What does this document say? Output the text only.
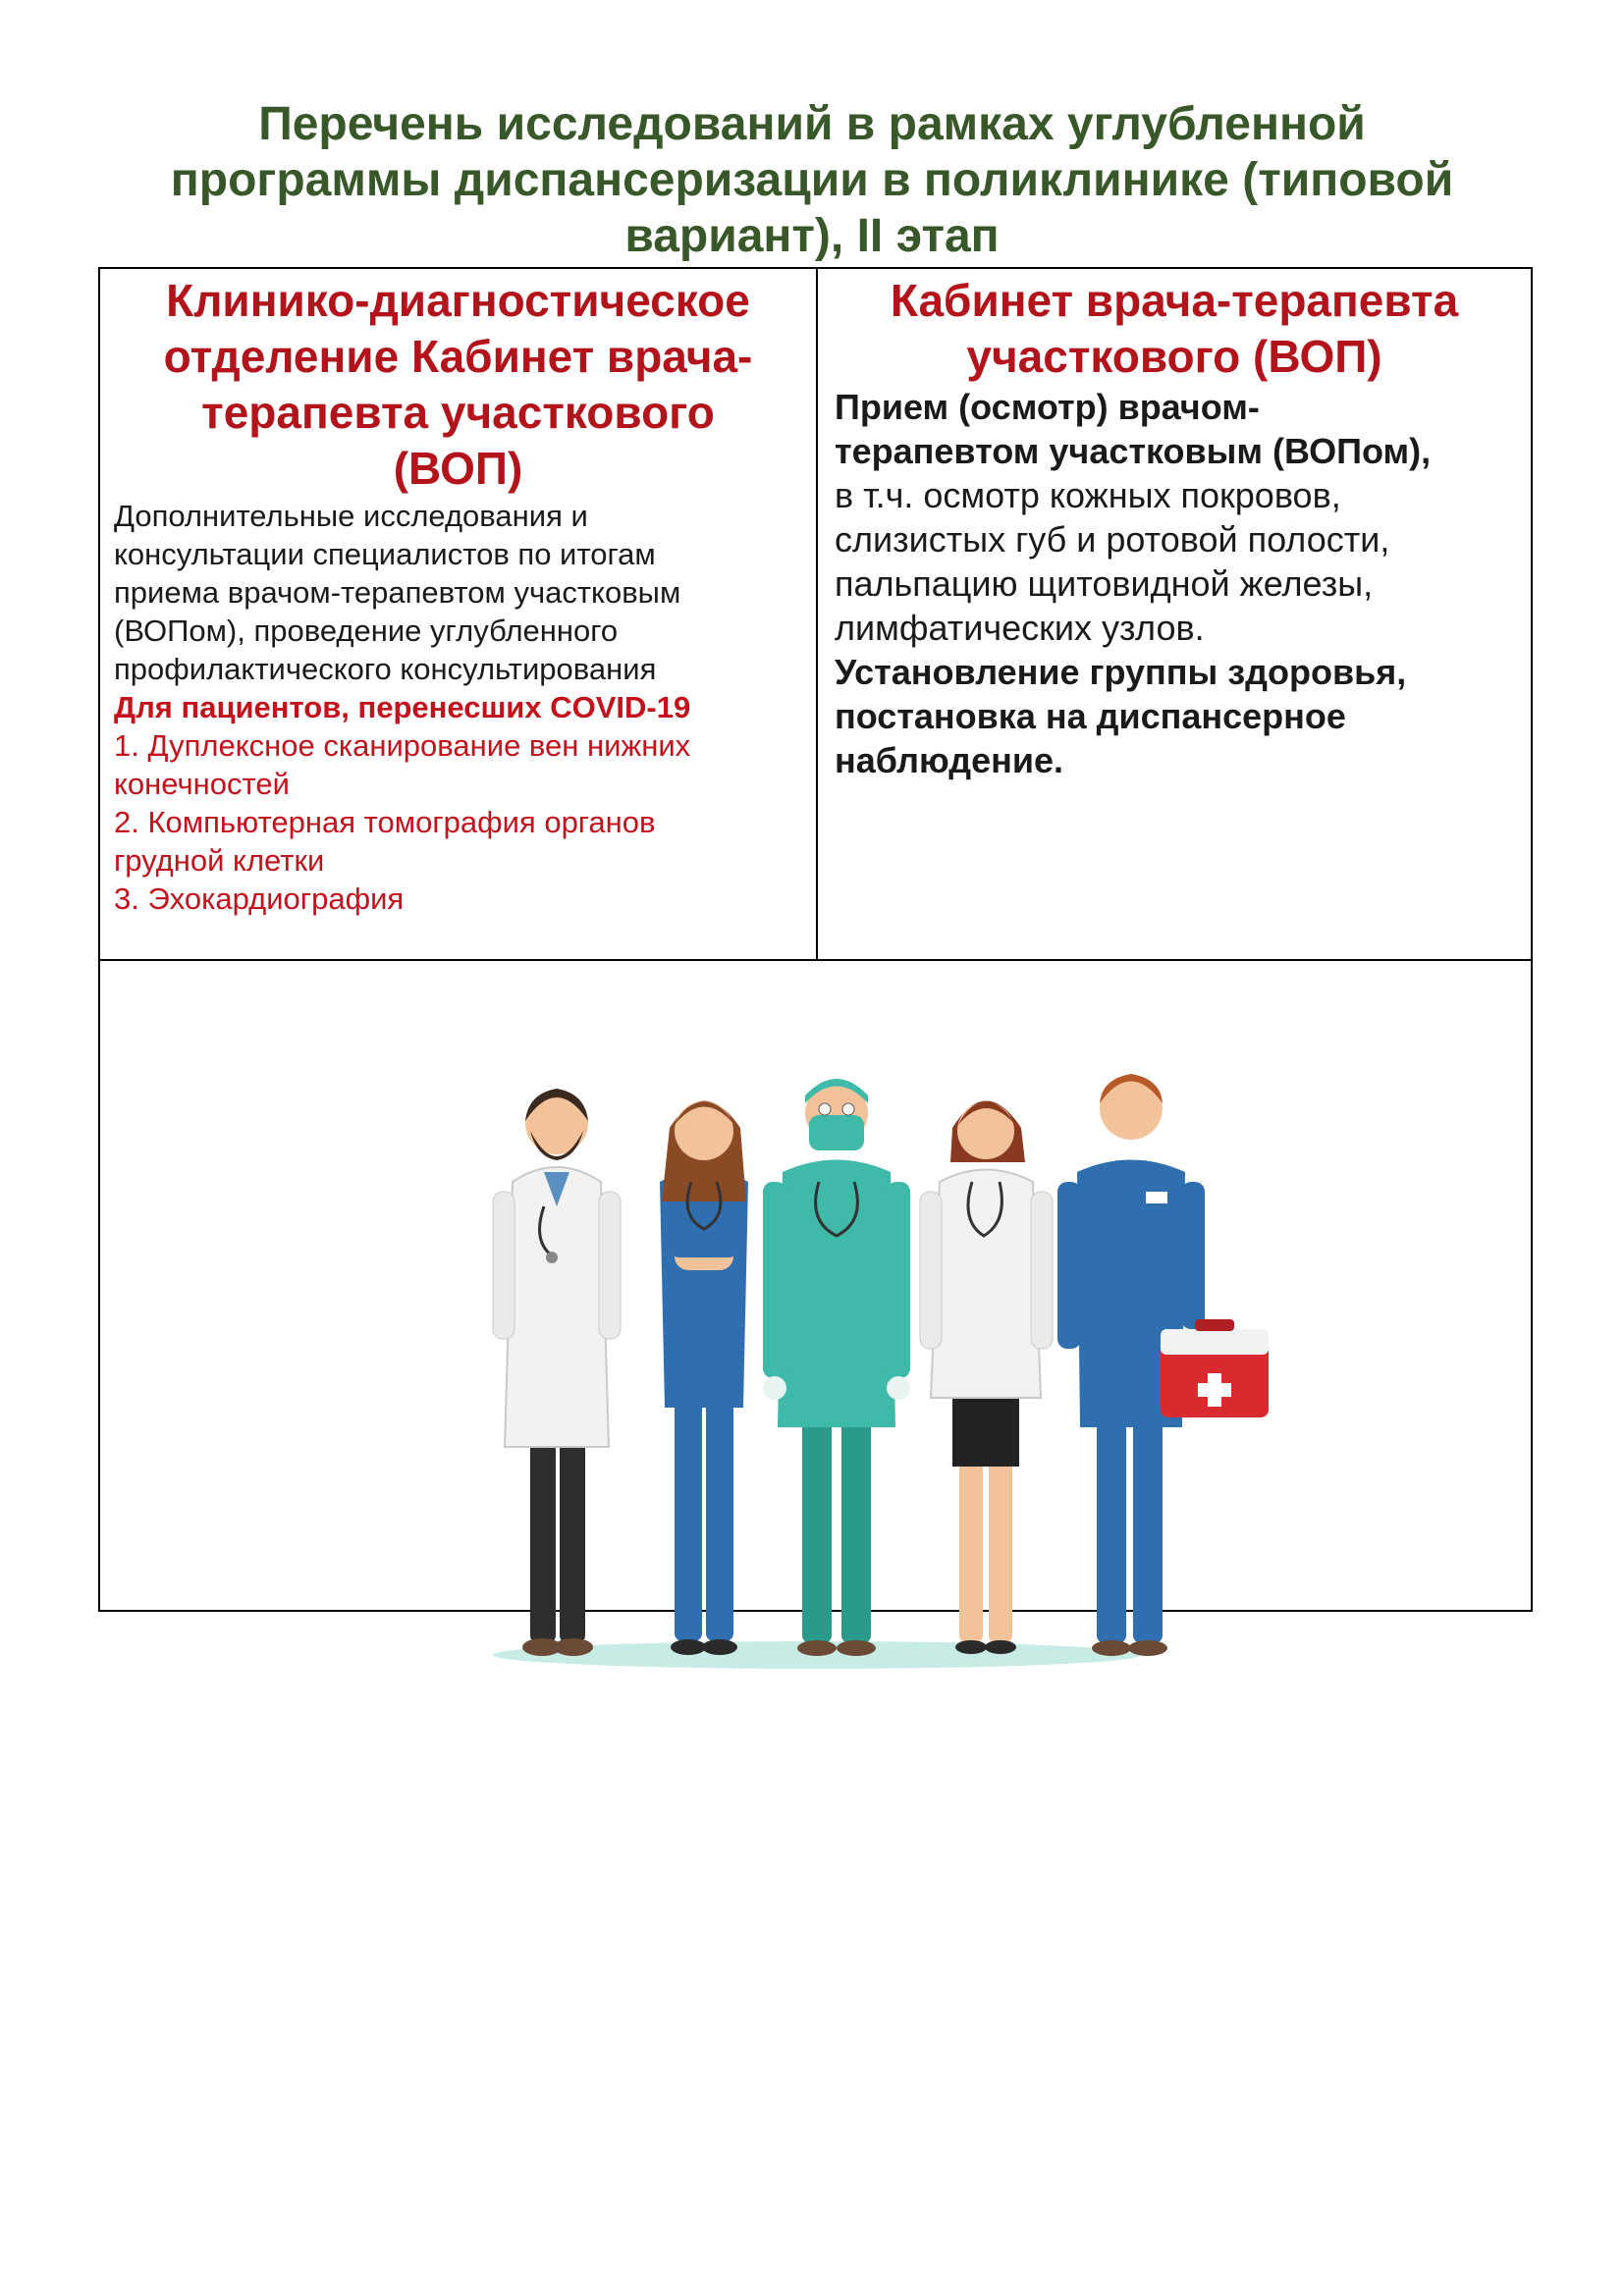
Перечень исследований в рамках углубленной
программы диспансеризации в поликлинике (типовой
вариант), II этап
Клинико-диагностическое
отделение Кабинет врача-
терапевта участкового
(ВОП)
Дополнительные исследования и
консультации специалистов по итогам
приема врачом-терапевтом участковым
(ВОПом), проведение углубленного
профилактического консультирования
Для пациентов, перенесших COVID-19
1. Дуплексное сканирование вен нижних
конечностей
2. Компьютерная томография органов
грудной клетки
3. Эхокардиография
Кабинет врача-терапевта
участкового (ВОП)
Прием (осмотр) врачом-
терапевтом участковым (ВОПом),
в т.ч. осмотр кожных покровов,
слизистых губ и ротовой полости,
пальпацию щитовидной железы,
лимфатических узлов.
Установление группы здоровья,
постановка на диспансерное
наблюдение.
